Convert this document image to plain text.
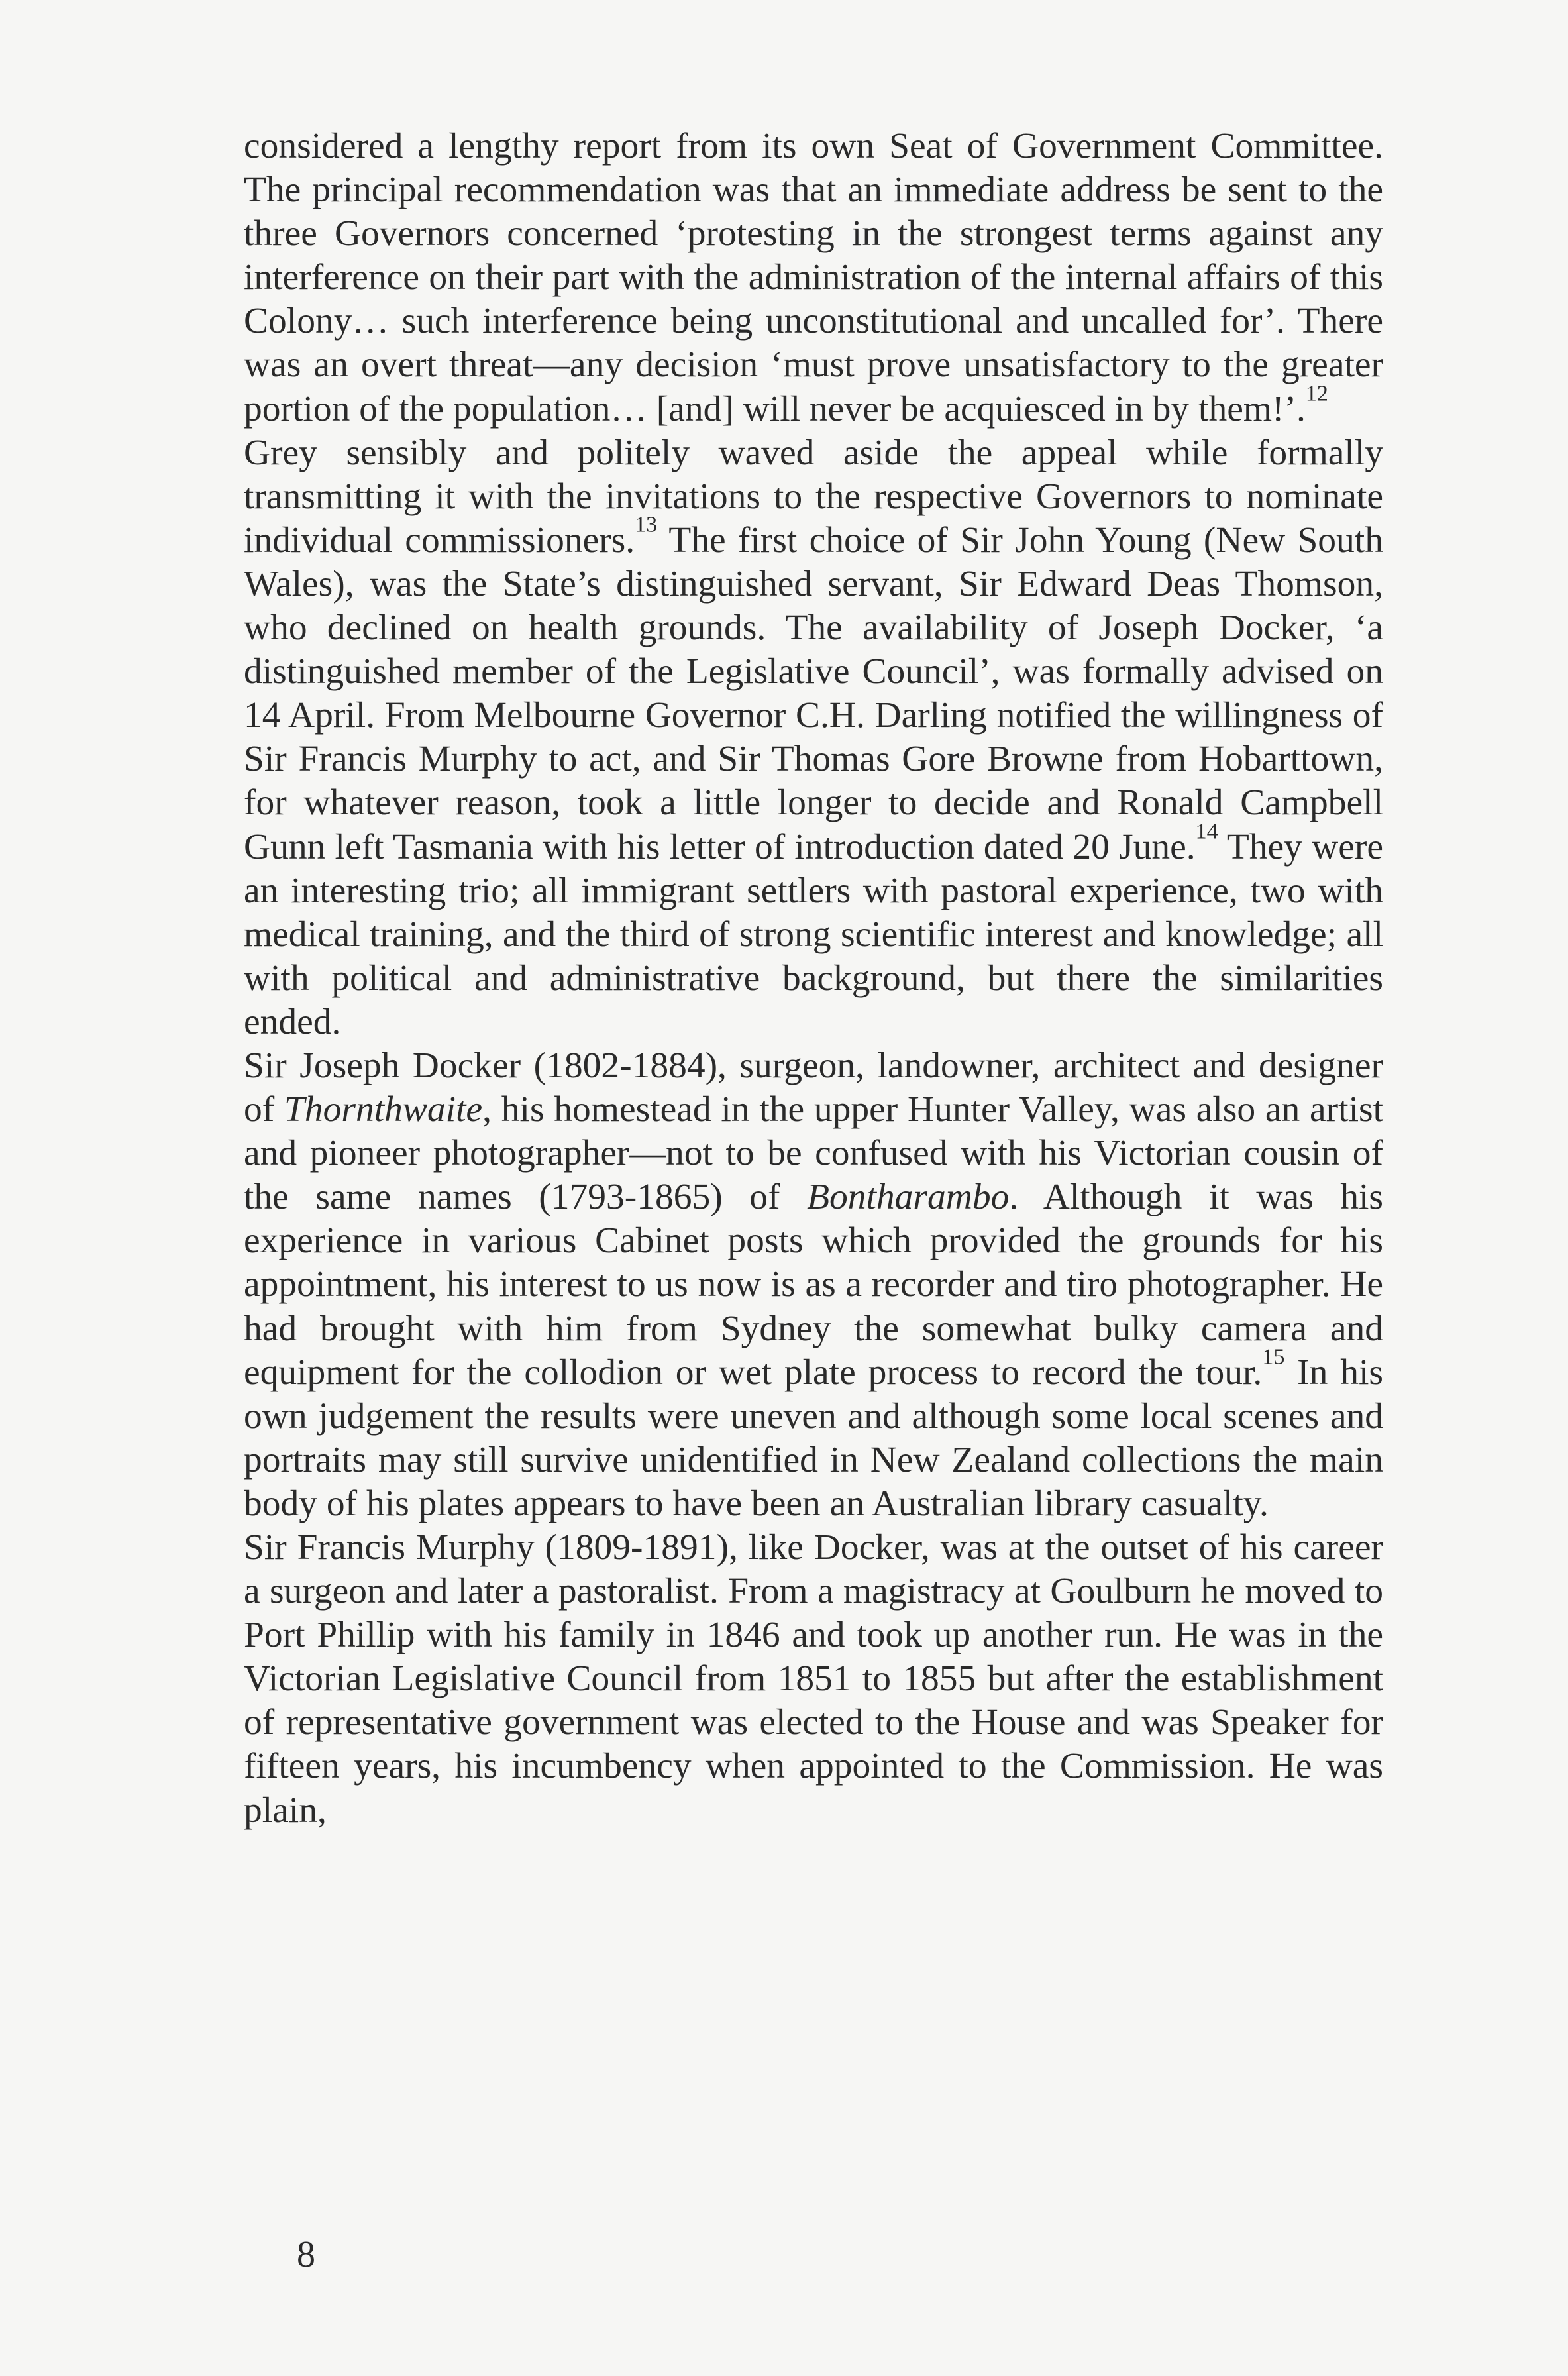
considered a lengthy report from its own Seat of Government Committee. The principal recommendation was that an immediate address be sent to the three Governors concerned ‘protesting in the strongest terms against any interference on their part with the administration of the internal affairs of this Colony… such interference being unconstitutional and uncalled for’. There was an overt threat—any decision ‘must prove unsatisfactory to the greater portion of the population… [and] will never be acquiesced in by them!’.$^{12}$

Grey sensibly and politely waved aside the appeal while formally transmitting it with the invitations to the respective Governors to nominate individual commissioners.$^{13}$ The first choice of Sir John Young (New South Wales), was the State’s distinguished servant, Sir Edward Deas Thomson, who declined on health grounds. The availability of Joseph Docker, ‘a distinguished member of the Legislative Council’, was formally advised on 14 April. From Melbourne Governor C.H. Darling notified the willingness of Sir Francis Murphy to act, and Sir Thomas Gore Browne from Hobarttown, for whatever reason, took a little longer to decide and Ronald Campbell Gunn left Tasmania with his letter of introduction dated 20 June.$^{14}$ They were an interesting trio; all immigrant settlers with pastoral experience, two with medical training, and the third of strong scientific interest and knowledge; all with political and administrative background, but there the similarities ended.

Sir Joseph Docker (1802-1884), surgeon, landowner, architect and designer of Thornthwaite, his homestead in the upper Hunter Valley, was also an artist and pioneer photographer—not to be confused with his Victorian cousin of the same names (1793-1865) of Bontharambo. Although it was his experience in various Cabinet posts which provided the grounds for his appointment, his interest to us now is as a recorder and tiro photographer. He had brought with him from Sydney the somewhat bulky camera and equipment for the collodion or wet plate process to record the tour.$^{15}$ In his own judgement the results were uneven and although some local scenes and portraits may still survive unidentified in New Zealand collections the main body of his plates appears to have been an Australian library casualty.

Sir Francis Murphy (1809-1891), like Docker, was at the outset of his career a surgeon and later a pastoralist. From a magistracy at Goulburn he moved to Port Phillip with his family in 1846 and took up another run. He was in the Victorian Legislative Council from 1851 to 1855 but after the establishment of representative government was elected to the House and was Speaker for fifteen years, his incumbency when appointed to the Commission. He was plain,

8
